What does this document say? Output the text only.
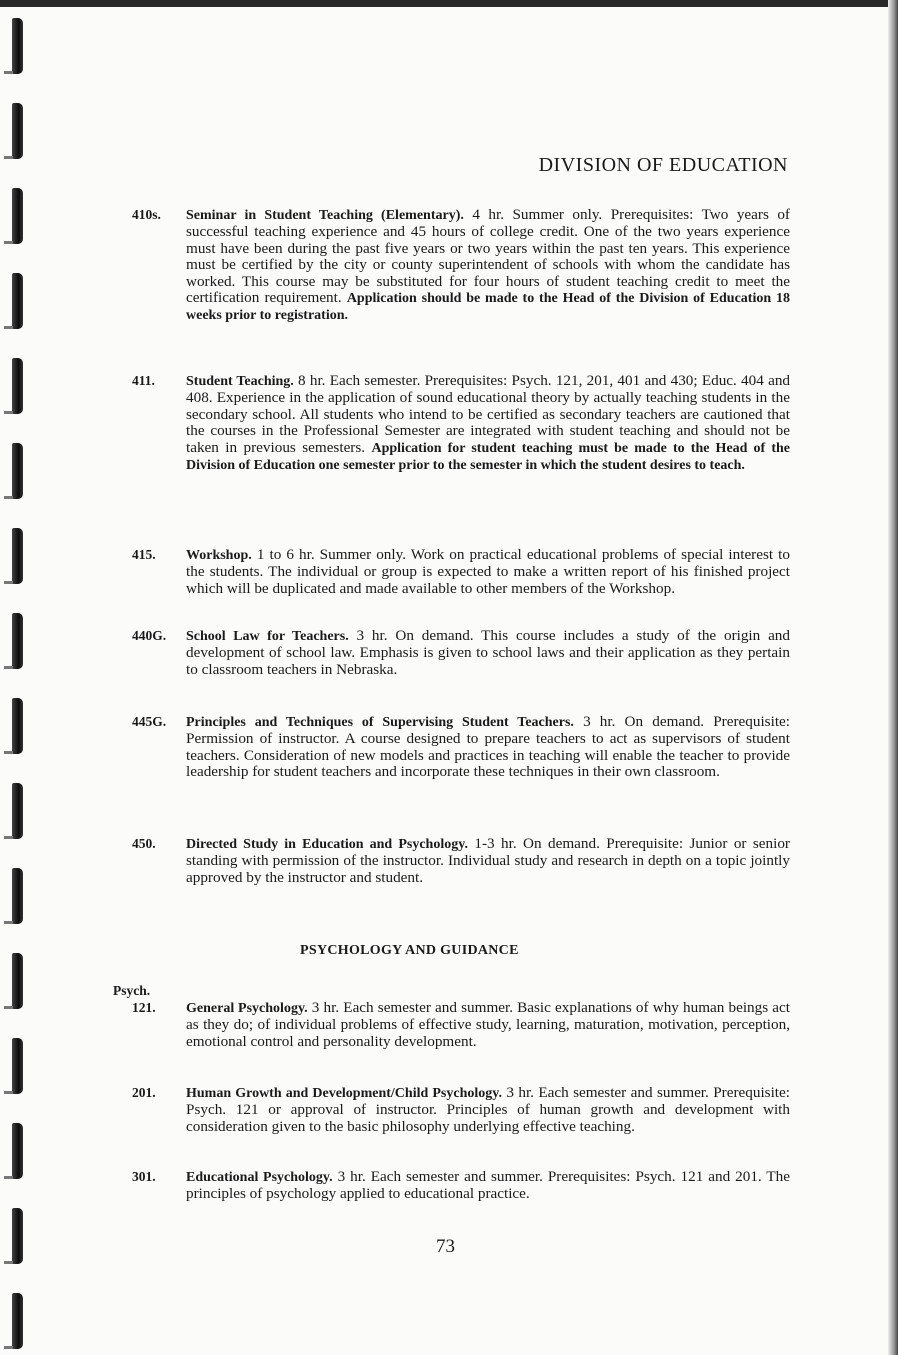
DIVISION OF EDUCATION
410s. Seminar in Student Teaching (Elementary). 4 hr. Summer only. Prerequisites: Two years of successful teaching experience and 45 hours of college credit. One of the two years experience must have been during the past five years or two years within the past ten years. This experience must be certified by the city or county superintendent of schools with whom the candidate has worked. This course may be substituted for four hours of student teaching credit to meet the certification requirement. Application should be made to the Head of the Division of Education 18 weeks prior to registration.
411. Student Teaching. 8 hr. Each semester. Prerequisites: Psych. 121, 201, 401 and 430; Educ. 404 and 408. Experience in the application of sound educational theory by actually teaching students in the secondary school. All students who intend to be certified as secondary teachers are cautioned that the courses in the Professional Semester are integrated with student teaching and should not be taken in previous semesters. Application for student teaching must be made to the Head of the Division of Education one semester prior to the semester in which the student desires to teach.
415. Workshop. 1 to 6 hr. Summer only. Work on practical educational problems of special interest to the students. The individual or group is expected to make a written report of his finished project which will be duplicated and made available to other members of the Workshop.
440G. School Law for Teachers. 3 hr. On demand. This course includes a study of the origin and development of school law. Emphasis is given to school laws and their application as they pertain to classroom teachers in Nebraska.
445G. Principles and Techniques of Supervising Student Teachers. 3 hr. On demand. Prerequisite: Permission of instructor. A course designed to prepare teachers to act as supervisors of student teachers. Consideration of new models and practices in teaching will enable the teacher to provide leadership for student teachers and incorporate these techniques in their own classroom.
450. Directed Study in Education and Psychology. 1-3 hr. On demand. Prerequisite: Junior or senior standing with permission of the instructor. Individual study and research in depth on a topic jointly approved by the instructor and student.
PSYCHOLOGY AND GUIDANCE
Psych.
121. General Psychology. 3 hr. Each semester and summer. Basic explanations of why human beings act as they do; of individual problems of effective study, learning, maturation, motivation, perception, emotional control and personality development.
201. Human Growth and Development/Child Psychology. 3 hr. Each semester and summer. Prerequisite: Psych. 121 or approval of instructor. Principles of human growth and development with consideration given to the basic philosophy underlying effective teaching.
301. Educational Psychology. 3 hr. Each semester and summer. Prerequisites: Psych. 121 and 201. The principles of psychology applied to educational practice.
73
